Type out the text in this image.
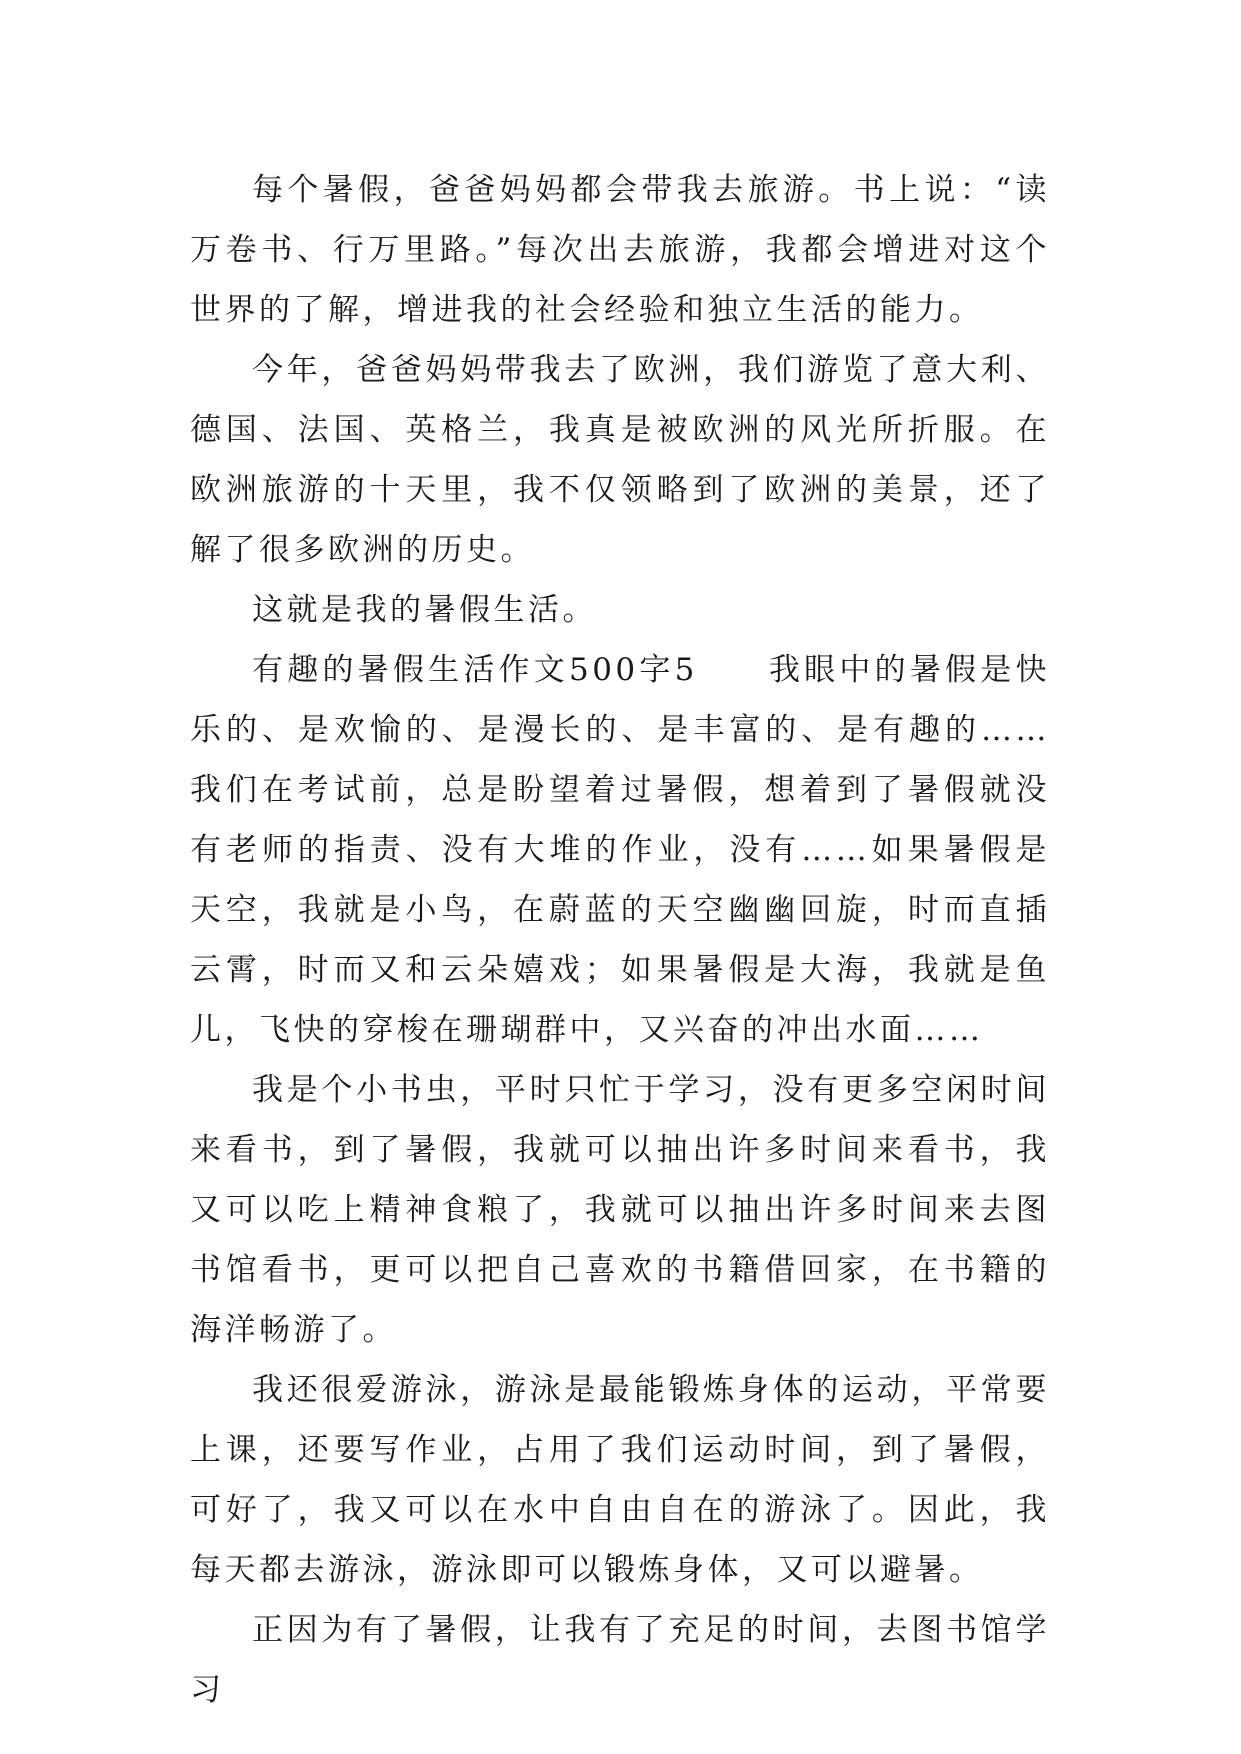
每个暑假，爸爸妈妈都会带我去旅游。书上说：“读万卷书、行万里路。”每次出去旅游，我都会增进对这个世界的了解，增进我的社会经验和独立生活的能力。

今年，爸爸妈妈带我去了欧洲，我们游览了意大利、德国、法国、英格兰，我真是被欧洲的风光所折服。在欧洲旅游的十天里，我不仅领略到了欧洲的美景，还了解了很多欧洲的历史。

这就是我的暑假生活。

有趣的暑假生活作文500字5　　我眼中的暑假是快乐的、是欢愉的、是漫长的、是丰富的、是有趣的……我们在考试前，总是盼望着过暑假，想着到了暑假就没有老师的指责、没有大堆的作业，没有……如果暑假是天空，我就是小鸟，在蔚蓝的天空幽幽回旋，时而直插云霄，时而又和云朵嬉戏；如果暑假是大海，我就是鱼儿，飞快的穿梭在珊瑚群中，又兴奋的冲出水面……

我是个小书虫，平时只忙于学习，没有更多空闲时间来看书，到了暑假，我就可以抽出许多时间来看书，我又可以吃上精神食粮了，我就可以抽出许多时间来去图书馆看书，更可以把自己喜欢的书籍借回家，在书籍的海洋畅游了。

我还很爱游泳，游泳是最能锻炼身体的运动，平常要上课，还要写作业，占用了我们运动时间，到了暑假，可好了，我又可以在水中自由自在的游泳了。因此，我每天都去游泳，游泳即可以锻炼身体，又可以避暑。

正因为有了暑假，让我有了充足的时间，去图书馆学习
